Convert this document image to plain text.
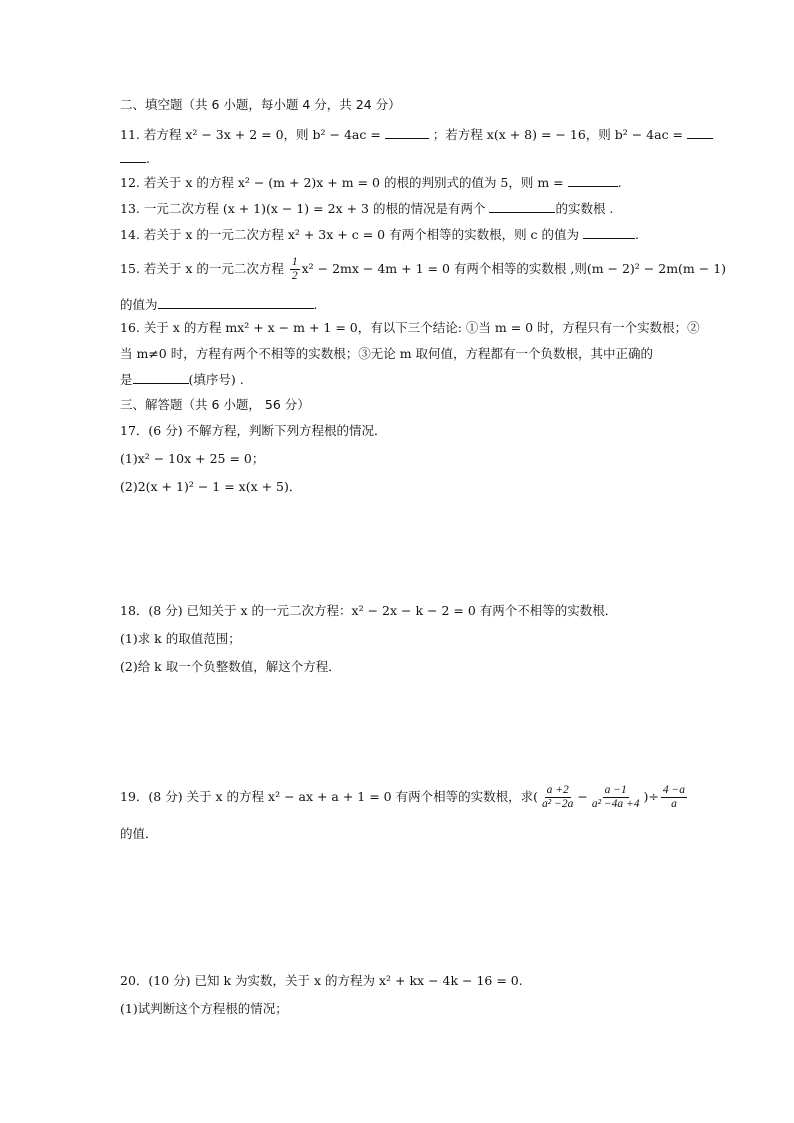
二、填空题（共 6 小题，每小题 4 分，共 24 分）
11. 若方程 x² − 3x + 2 = 0，则 b² − 4ac =	；若方程 x(x + 8) = − 16，则 b² − 4ac =
.
12. 若关于 x 的方程 x² − (m + 2)x + m = 0 的根的判别式的值为 5，则 m =	.
13. 一元二次方程 (x + 1)(x − 1) = 2x + 3 的根的情况是有两个	的实数根 .
14. 若关于 x 的一元二次方程 x² + 3x + c = 0 有两个相等的实数根，则 c 的值为	.
15. 若关于 x 的一元二次方程 $\frac{1}{2} x^2 - 2mx - 4m + 1 = 0$ 有两个相等的实数根 ,则(m − 2)² − 2m(m − 1)
的值为	.
16. 关于 x 的方程 mx² + x − m + 1 = 0，有以下三个结论: ①当 m = 0 时，方程只有一个实数根；②
当 m≠0 时，方程有两个不相等的实数根；③无论 m 取何值，方程都有一个负数根，其中正确的
是	(填序号) .
三、解答题（共 6 小题， 56 分）
17．(6 分) 不解方程，判断下列方程根的情况．
(1)x² − 10x + 25 = 0；
(2)2(x + 1)² − 1 = x(x + 5)．
18．(8 分) 已知关于 x 的一元二次方程：x² − 2x − k − 2 = 0 有两个不相等的实数根．
(1)求 k 的取值范围；
(2)给 k 取一个负整数值，解这个方程．
19．(8 分) 关于 x 的方程 x² − ax + a + 1 = 0 有两个相等的实数根，求( $\frac{a +2}{\text{a² −2a}} - \frac{a -1}{\text{a² −4a +4}}$ )÷ $\frac{4 -a}{a}$
的值．
20．(10 分) 已知 k 为实数，关于 x 的方程为 x² + kx − 4k − 16 = 0.
(1)试判断这个方程根的情况；
